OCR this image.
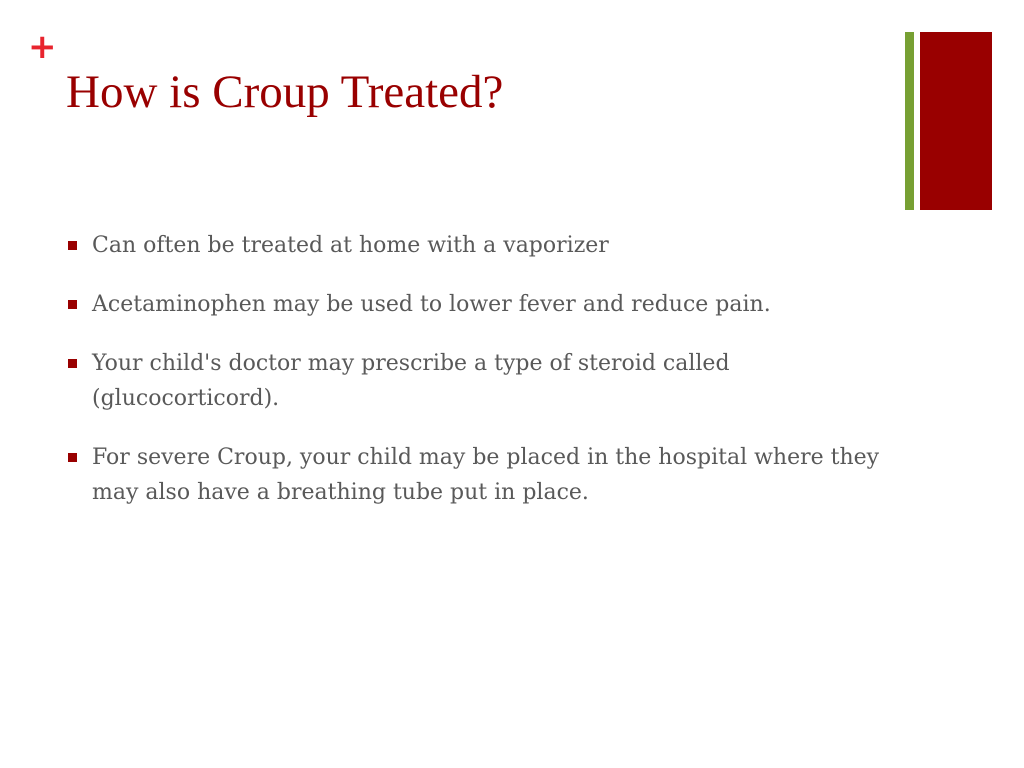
+
How is Croup Treated?
Can often be treated at home with a vaporizer
Acetaminophen may be used to lower fever and reduce pain.
Your child's doctor may prescribe a type of steroid called (glucocorticord).
For severe Croup, your child may be placed in the hospital where they may also have a breathing tube put in place.
